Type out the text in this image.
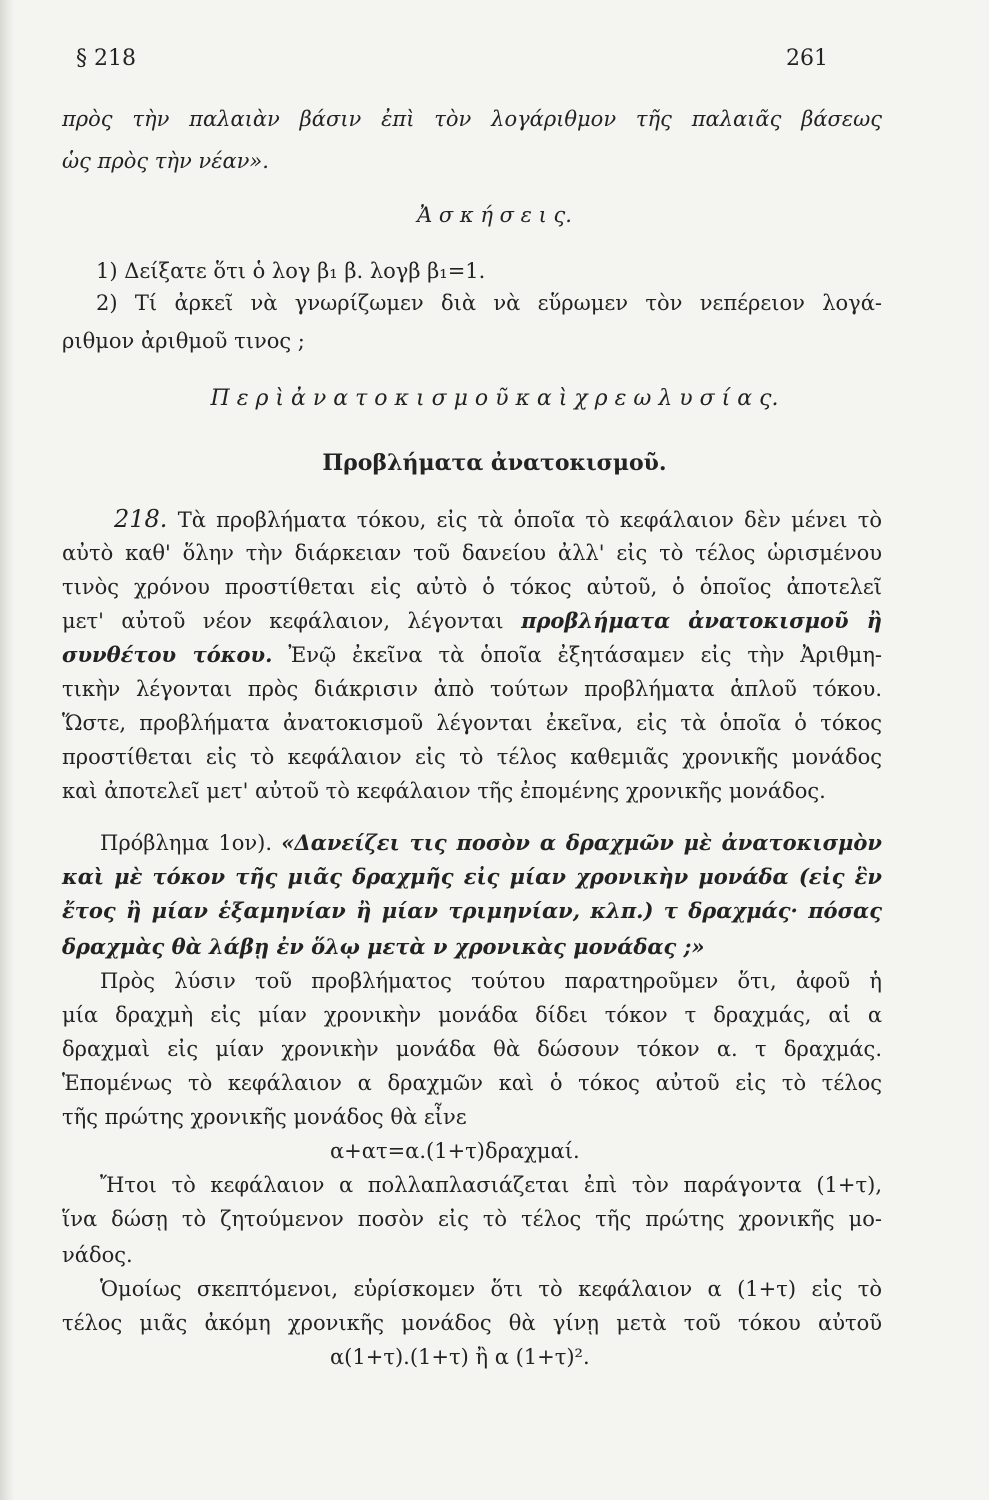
§ 218	261
πρὸς τὴν παλαιὰν βάσιν ἐπὶ τὸν λογάριθμον τῆς παλαιᾶς βάσεως
ὡς πρὸς τὴν νέαν».
Ἀ σ κ ή σ ε ι ς.
1) Δείξατε ὅτι ὁ λογ β₁ β. λογβ β₁=1.
2) Τί ἀρκεῖ νὰ γνωρίζωμεν διὰ νὰ εὕρωμεν τὸν νεπέρειον λογά-
ριθμον ἀριθμοῦ τινος ;
Π ε ρ ὶ ἀ ν α τ ο κ ι σ μ ο ῦ κ α ὶ χ ρ ε ω λ υ σ ί α ς.
Προβλήματα ἀνατοκισμοῦ.
218. Τὰ προβλήματα τόκου, εἰς τὰ ὁποῖα τὸ κεφάλαιον δὲν μένει τὸ
αὐτὸ καθ' ὅλην τὴν διάρκειαν τοῦ δανείου ἀλλ' εἰς τὸ τέλος ὡρισμένου
τινὸς χρόνου προστίθεται εἰς αὐτὸ ὁ τόκος αὐτοῦ, ὁ ὁποῖος ἀποτελεῖ
μετ' αὐτοῦ νέον κεφάλαιον, λέγονται προβλήματα ἀνατοκισμοῦ ἢ
συνθέτου τόκου. Ἐνῷ ἐκεῖνα τὰ ὁποῖα ἐξητάσαμεν εἰς τὴν Ἀριθμη-
τικὴν λέγονται πρὸς διάκρισιν ἀπὸ τούτων προβλήματα ἁπλοῦ τόκου.
Ὥστε, προβλήματα ἀνατοκισμοῦ λέγονται ἐκεῖνα, εἰς τὰ ὁποῖα ὁ τόκος
προστίθεται εἰς τὸ κεφάλαιον εἰς τὸ τέλος καθεμιᾶς χρονικῆς μονάδος
καὶ ἀποτελεῖ μετ' αὐτοῦ τὸ κεφάλαιον τῆς ἐπομένης χρονικῆς μονάδος.
Πρόβλημα 1ον). «Δανείζει τις ποσὸν α δραχμῶν μὲ ἀνατοκισμὸν
καὶ μὲ τόκον τῆς μιᾶς δραχμῆς εἰς μίαν χρονικὴν μονάδα (εἰς ἓν
ἔτος ἢ μίαν ἑξαμηνίαν ἢ μίαν τριμηνίαν, κλπ.) τ δραχμάς· πόσας
δραχμὰς θὰ λάβῃ ἐν ὅλῳ μετὰ ν χρονικὰς μονάδας ;»
Πρὸς λύσιν τοῦ προβλήματος τούτου παρατηροῦμεν ὅτι, ἀφοῦ ἡ
μία δραχμὴ εἰς μίαν χρονικὴν μονάδα δίδει τόκον τ δραχμάς, αἱ α
δραχμαὶ εἰς μίαν χρονικὴν μονάδα θὰ δώσουν τόκον α. τ δραχμάς.
Ἑπομένως τὸ κεφάλαιον α δραχμῶν καὶ ὁ τόκος αὐτοῦ εἰς τὸ τέλος
τῆς πρώτης χρονικῆς μονάδος θὰ εἶνε
α+ατ=α.(1+τ)δραχμαί.
Ἤτοι τὸ κεφάλαιον α πολλαπλασιάζεται ἐπὶ τὸν παράγοντα (1+τ),
ἵνα δώσῃ τὸ ζητούμενον ποσὸν εἰς τὸ τέλος τῆς πρώτης χρονικῆς μο-
νάδος.
Ὁμοίως σκεπτόμενοι, εὑρίσκομεν ὅτι τὸ κεφάλαιον α (1+τ) εἰς τὸ
τέλος μιᾶς ἀκόμη χρονικῆς μονάδος θὰ γίνῃ μετὰ τοῦ τόκου αὐτοῦ
α(1+τ).(1+τ) ἢ α (1+τ)².
